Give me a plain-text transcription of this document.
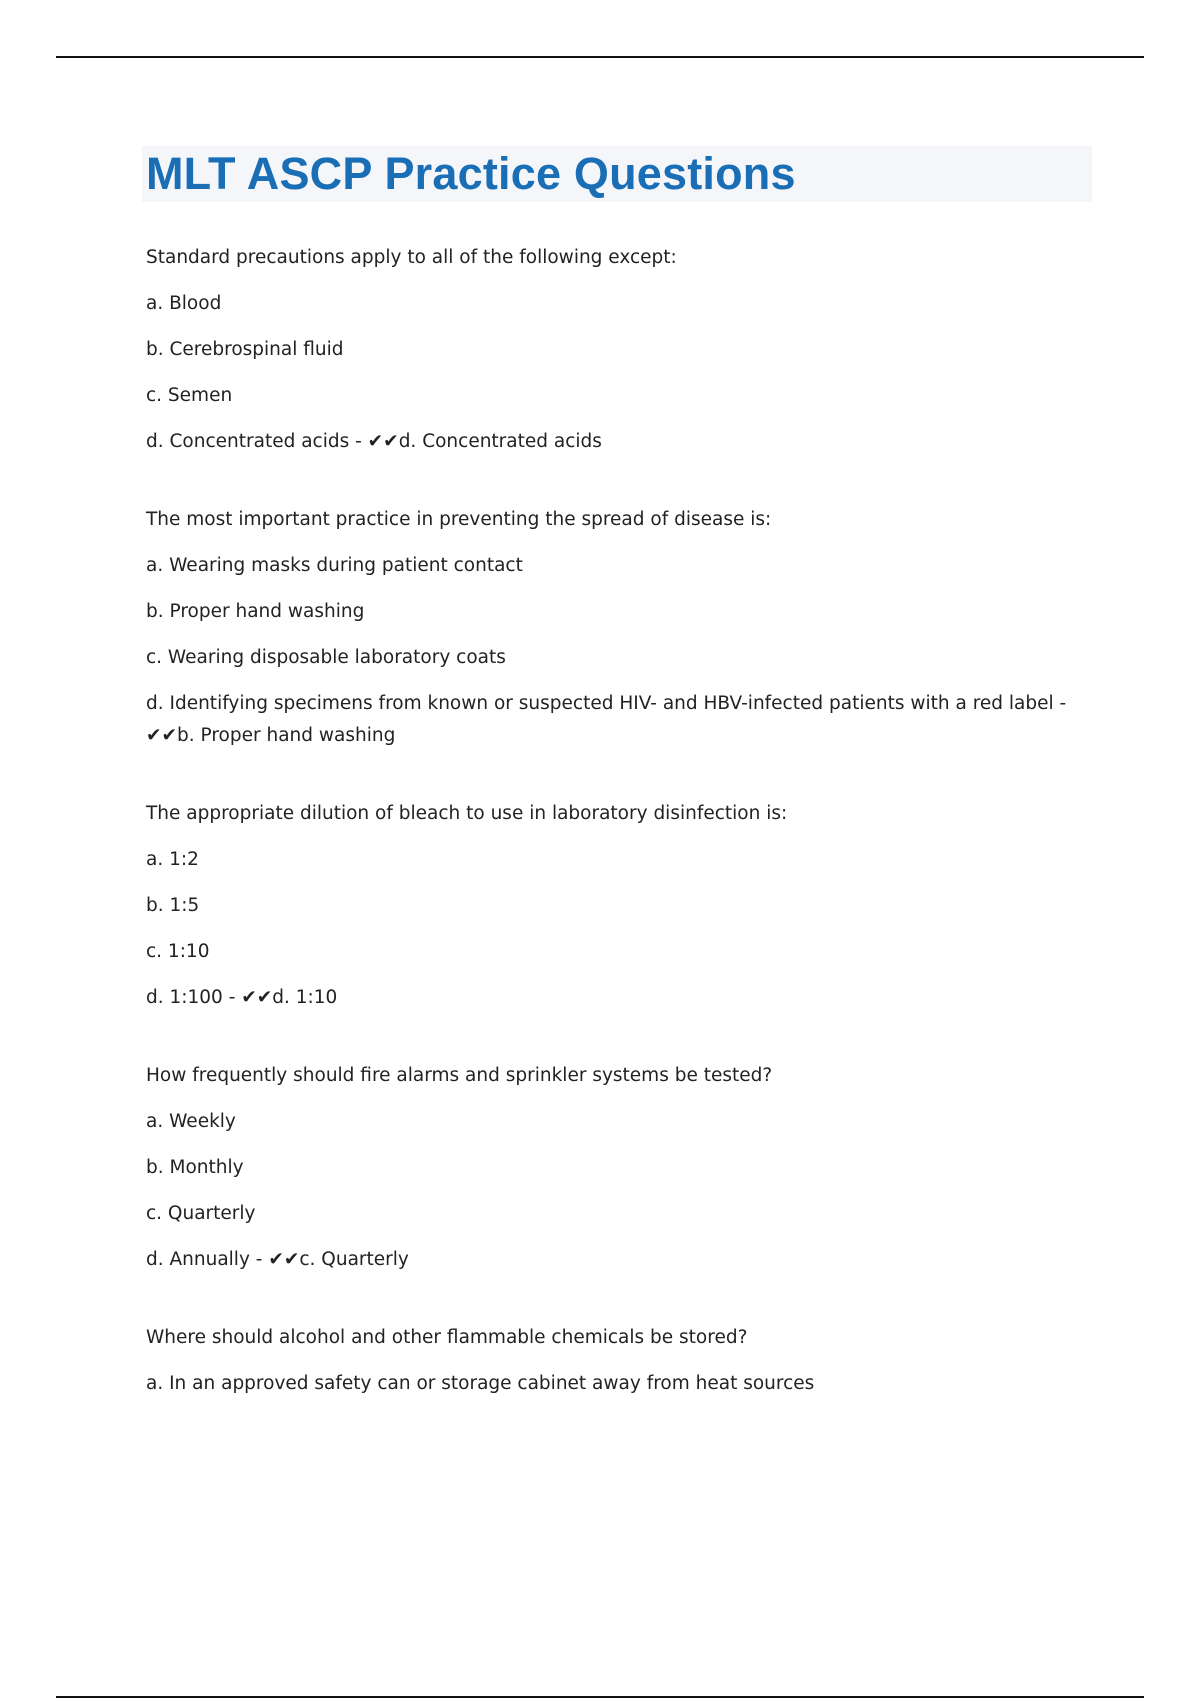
MLT ASCP Practice Questions
Standard precautions apply to all of the following except:
a. Blood
b. Cerebrospinal fluid
c. Semen
d. Concentrated acids - ✔✔d. Concentrated acids
The most important practice in preventing the spread of disease is:
a. Wearing masks during patient contact
b. Proper hand washing
c. Wearing disposable laboratory coats
d. Identifying specimens from known or suspected HIV- and HBV-infected patients with a red label - ✔✔b. Proper hand washing
The appropriate dilution of bleach to use in laboratory disinfection is:
a. 1:2
b. 1:5
c. 1:10
d. 1:100 - ✔✔d. 1:10
How frequently should fire alarms and sprinkler systems be tested?
a. Weekly
b. Monthly
c. Quarterly
d. Annually - ✔✔c. Quarterly
Where should alcohol and other flammable chemicals be stored?
a. In an approved safety can or storage cabinet away from heat sources
